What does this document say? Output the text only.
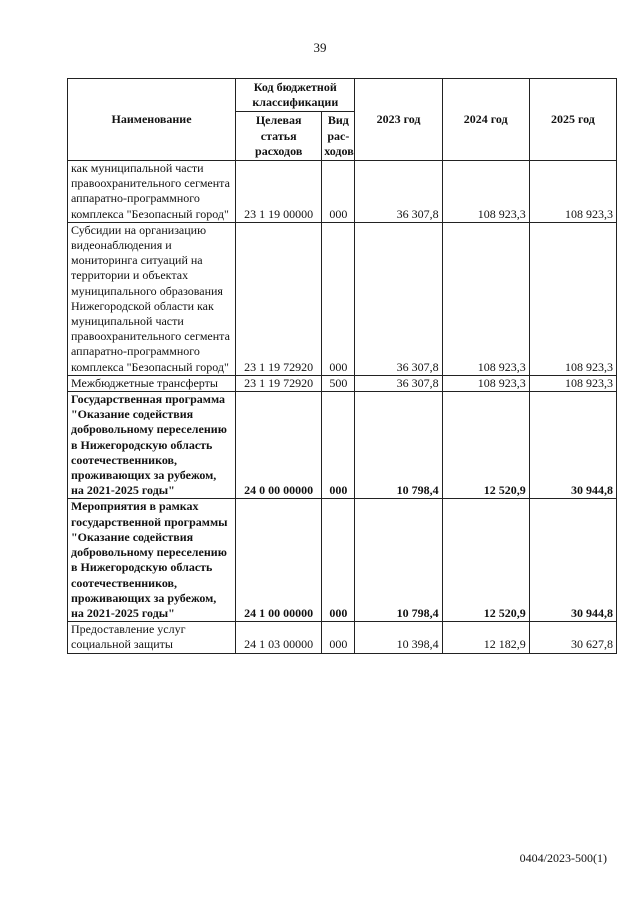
39
Наименование	Код бюджетной классификации		2023 год	2024 год	2025 год
	Целевая статья расходов	Вид рас-ходов			
как муниципальной части правоохранительного сегмента аппаратно-программного комплекса "Безопасный город"	23 1 19 00000	000	36 307,8	108 923,3	108 923,3
Субсидии на организацию видеонаблюдения и мониторинга ситуаций на территории и объектах муниципального образования Нижегородской области как муниципальной части правоохранительного сегмента аппаратно-программного комплекса "Безопасный город"	23 1 19 72920	000	36 307,8	108 923,3	108 923,3
Межбюджетные трансферты	23 1 19 72920	500	36 307,8	108 923,3	108 923,3
Государственная программа "Оказание содействия добровольному переселению в Нижегородскую область соотечественников, проживающих за рубежом, на 2021-2025 годы"	24 0 00 00000	000	10 798,4	12 520,9	30 944,8
Мероприятия в рамках государственной программы "Оказание содействия добровольному переселению в Нижегородскую область соотечественников, проживающих за рубежом, на 2021-2025 годы"	24 1 00 00000	000	10 798,4	12 520,9	30 944,8
Предоставление услуг социальной защиты	24 1 03 00000	000	10 398,4	12 182,9	30 627,8
0404/2023-500(1)
